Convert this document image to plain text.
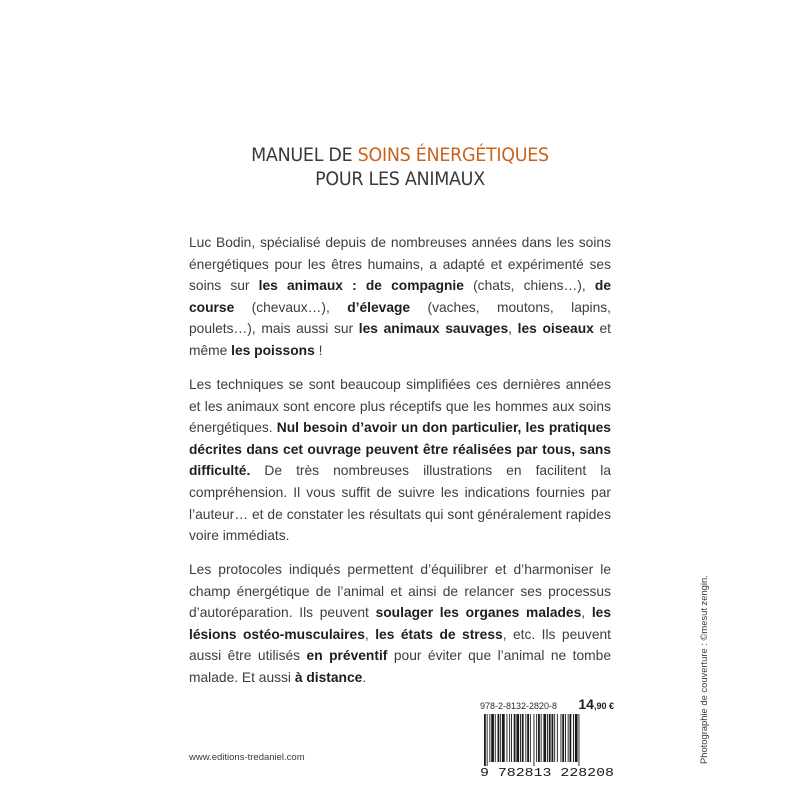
MANUEL DE SOINS ÉNERGÉTIQUES
POUR LES ANIMAUX

Luc Bodin, spécialisé depuis de nombreuses années dans les soins énergétiques pour les êtres humains, a adapté et expérimenté ses soins sur les animaux : de compagnie (chats, chiens…), de course (chevaux…), d’élevage (vaches, moutons, lapins, poulets…), mais aussi sur les animaux sauvages, les oiseaux et même les poissons !

Les techniques se sont beaucoup simplifiées ces dernières années et les animaux sont encore plus réceptifs que les hommes aux soins énergétiques. Nul besoin d’avoir un don particulier, les pratiques décrites dans cet ouvrage peuvent être réalisées par tous, sans difficulté. De très nombreuses illustrations en facilitent la compréhension. Il vous suffit de suivre les indications fournies par l’auteur… et de constater les résultats qui sont généralement rapides voire immédiats.

Les protocoles indiqués permettent d’équilibrer et d’harmoniser le champ énergétique de l’animal et ainsi de relancer ses processus d’autoréparation. Ils peuvent soulager les organes malades, les lésions ostéo-musculaires, les états de stress, etc. Ils peuvent aussi être utilisés en préventif pour éviter que l’animal ne tombe malade. Et aussi à distance.

www.editions-tredaniel.com
978-2-8132-2820-8 14,90 €
9 782813 228208
Photographie de couverture : ©mesut zengin.
